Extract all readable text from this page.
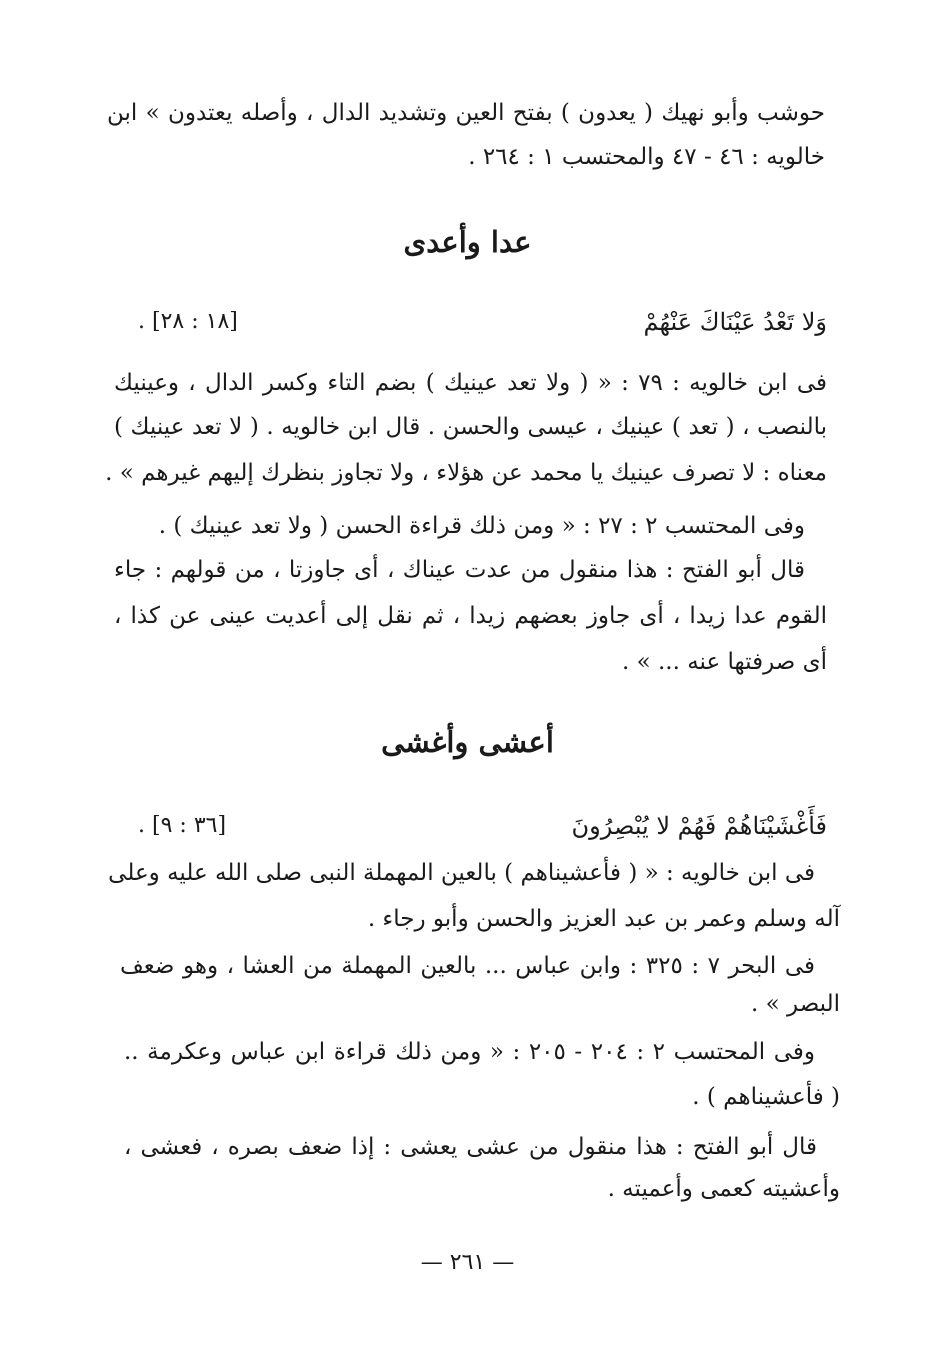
حوشب وأبو نهيك ( يعدون ) بفتح العين وتشديد الدال ، وأصله يعتدون » ابن
خالويه : ٤٦ - ٤٧ والمحتسب ١ : ٢٦٤ .
عدا وأعدى
وَلا تَعْدُ عَيْنَاكَ عَنْهُمْ
[١٨ : ٢٨] .
فى ابن خالويه : ٧٩ : « ( ولا تعد عينيك ) بضم التاء وكسر الدال ، وعينيك
بالنصب ، ( تعد ) عينيك ، عيسى والحسن . قال ابن خالويه . ( لا تعد عينيك )
معناه : لا تصرف عينيك يا محمد عن هؤلاء ، ولا تجاوز بنظرك إليهم غيرهم » .
وفى المحتسب ٢ : ٢٧ : « ومن ذلك قراءة الحسن ( ولا تعد عينيك ) .
قال أبو الفتح : هذا منقول من عدت عيناك ، أى جاوزتا ، من قولهم : جاء
القوم عدا زيدا ، أى جاوز بعضهم زيدا ، ثم نقل إلى أعديت عينى عن كذا ،
أى صرفتها عنه ... » .
أعشى وأغشى
فَأَغْشَيْنَاهُمْ فَهُمْ لا يُبْصِرُونَ
[٣٦ : ٩] .
فى ابن خالويه : « ( فأعشيناهم ) بالعين المهملة النبى صلى الله عليه وعلى
آله وسلم وعمر بن عبد العزيز والحسن وأبو رجاء .
فى البحر ٧ : ٣٢٥ : وابن عباس ... بالعين المهملة من العشا ، وهو ضعف
البصر » .
وفى المحتسب ٢ : ٢٠٤ - ٢٠٥ : « ومن ذلك قراءة ابن عباس وعكرمة ..
( فأعشيناهم ) .
قال أبو الفتح : هذا منقول من عشى يعشى : إذا ضعف بصره ، فعشى ،
وأعشيته كعمى وأعميته .
— ٢٦١ —
